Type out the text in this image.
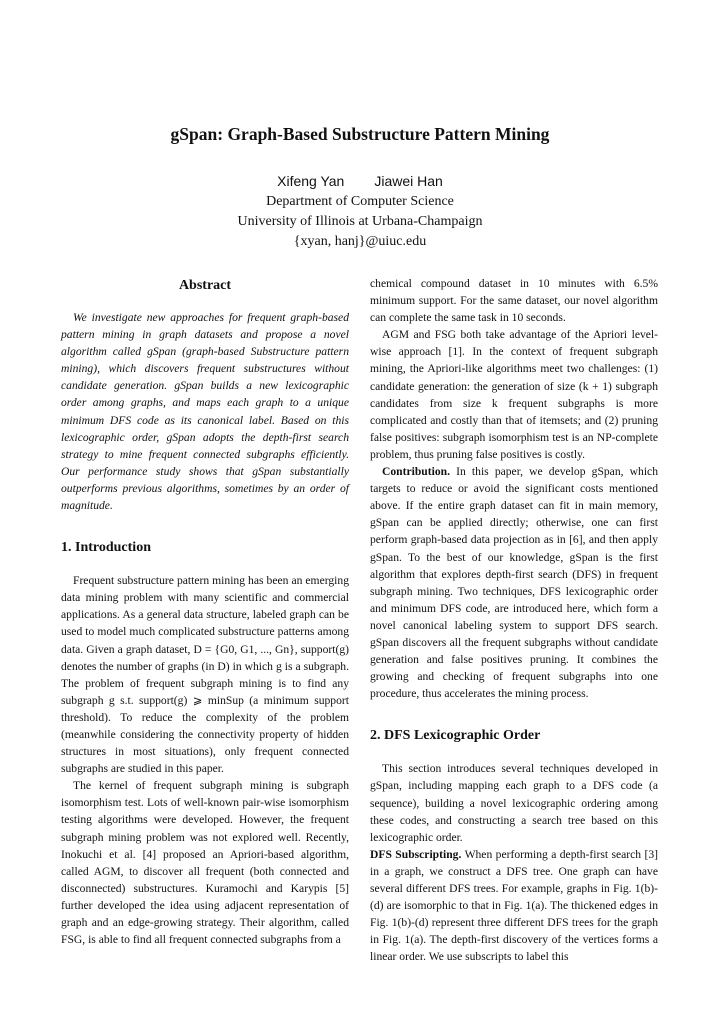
gSpan: Graph-Based Substructure Pattern Mining
Xifeng Yan Jiawei Han
Department of Computer Science
University of Illinois at Urbana-Champaign
{xyan, hanj}@uiuc.edu
Abstract

We investigate new approaches for frequent graph-based pattern mining in graph datasets and propose a novel algorithm called gSpan (graph-based Substructure pattern mining), which discovers frequent substructures without candidate generation. gSpan builds a new lexicographic order among graphs, and maps each graph to a unique minimum DFS code as its canonical label. Based on this lexicographic order, gSpan adopts the depth-first search strategy to mine frequent connected subgraphs efficiently. Our performance study shows that gSpan substantially outperforms previous algorithms, sometimes by an order of magnitude.

1. Introduction

Frequent substructure pattern mining has been an emerging data mining problem with many scientific and commercial applications. As a general data structure, labeled graph can be used to model much complicated substructure patterns among data. Given a graph dataset, D = {G0, G1, ..., Gn}, support(g) denotes the number of graphs (in D) in which g is a subgraph. The problem of frequent subgraph mining is to find any subgraph g s.t. support(g) ⩾ minSup (a minimum support threshold). To reduce the complexity of the problem (meanwhile considering the connectivity property of hidden structures in most situations), only frequent connected subgraphs are studied in this paper.

The kernel of frequent subgraph mining is subgraph isomorphism test. Lots of well-known pair-wise isomorphism testing algorithms were developed. However, the frequent subgraph mining problem was not explored well. Recently, Inokuchi et al. [4] proposed an Apriori-based algorithm, called AGM, to discover all frequent (both connected and disconnected) substructures. Kuramochi and Karypis [5] further developed the idea using adjacent representation of graph and an edge-growing strategy. Their algorithm, called FSG, is able to find all frequent connected subgraphs from a

chemical compound dataset in 10 minutes with 6.5% minimum support. For the same dataset, our novel algorithm can complete the same task in 10 seconds.

AGM and FSG both take advantage of the Apriori level-wise approach [1]. In the context of frequent subgraph mining, the Apriori-like algorithms meet two challenges: (1) candidate generation: the generation of size (k + 1) subgraph candidates from size k frequent subgraphs is more complicated and costly than that of itemsets; and (2) pruning false positives: subgraph isomorphism test is an NP-complete problem, thus pruning false positives is costly.

Contribution. In this paper, we develop gSpan, which targets to reduce or avoid the significant costs mentioned above. If the entire graph dataset can fit in main memory, gSpan can be applied directly; otherwise, one can first perform graph-based data projection as in [6], and then apply gSpan. To the best of our knowledge, gSpan is the first algorithm that explores depth-first search (DFS) in frequent subgraph mining. Two techniques, DFS lexicographic order and minimum DFS code, are introduced here, which form a novel canonical labeling system to support DFS search. gSpan discovers all the frequent subgraphs without candidate generation and false positives pruning. It combines the growing and checking of frequent subgraphs into one procedure, thus accelerates the mining process.

2. DFS Lexicographic Order

This section introduces several techniques developed in gSpan, including mapping each graph to a DFS code (a sequence), building a novel lexicographic ordering among these codes, and constructing a search tree based on this lexicographic order.

DFS Subscripting. When performing a depth-first search [3] in a graph, we construct a DFS tree. One graph can have several different DFS trees. For example, graphs in Fig. 1(b)-(d) are isomorphic to that in Fig. 1(a). The thickened edges in Fig. 1(b)-(d) represent three different DFS trees for the graph in Fig. 1(a). The depth-first discovery of the vertices forms a linear order. We use subscripts to label this
